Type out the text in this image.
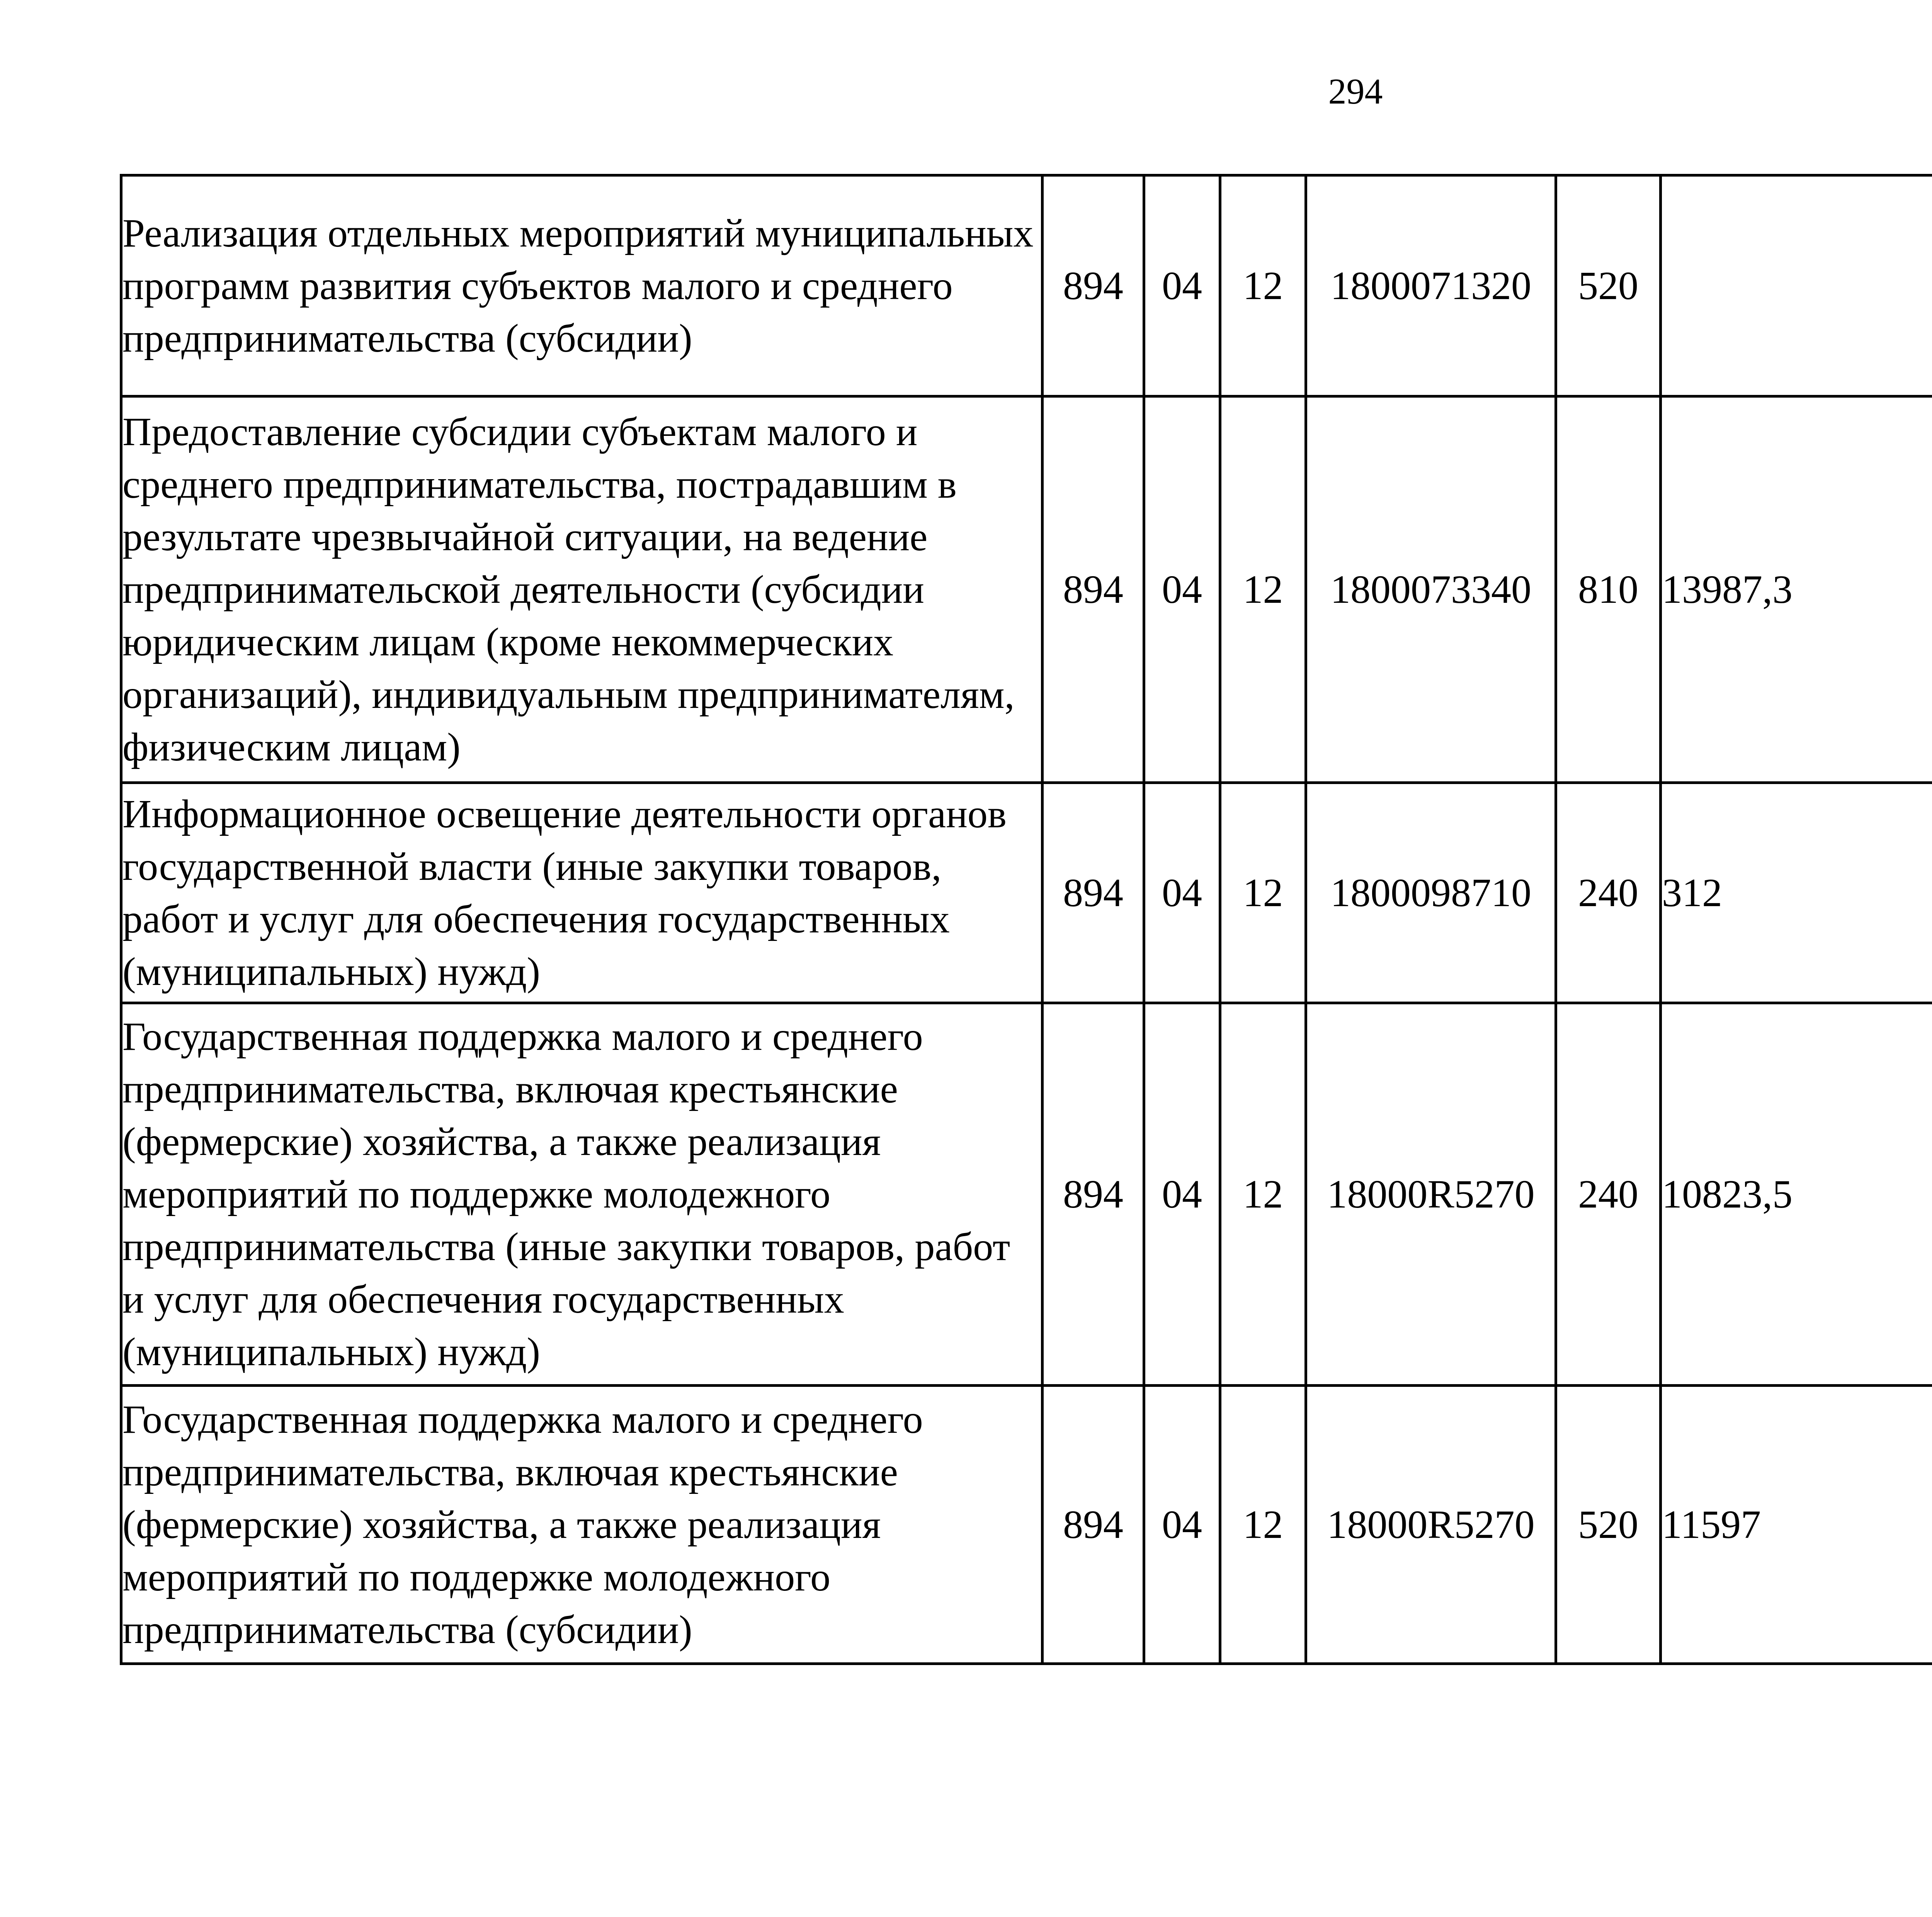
294
Реализация отдельных мероприятий муниципальных программ развития субъектов малого и среднего предпринимательства (субсидии)	894	04	12	1800071320	520			
Предоставление субсидии субъектам малого и среднего предпринимательства, пострадавшим в результате чрезвычайной ситуации, на ведение предпринимательской деятельности (субсидии юридическим лицам (кроме некоммерческих организаций), индивидуальным предпринимателям, физическим лицам)	894	04	12	1800073340	810	13987,3		
Информационное освещение деятельности органов государственной власти (иные закупки товаров, работ и услуг для обеспечения государственных (муниципальных) нужд)	894	04	12	1800098710	240	312		
Государственная поддержка малого и среднего предпринимательства, включая крестьянские (фермерские) хозяйства, а также реализация мероприятий по поддержке молодежного предпринимательства (иные закупки товаров, работ и услуг для обеспечения государственных (муниципальных) нужд)	894	04	12	18000R5270	240	10823,5		
Государственная поддержка малого и среднего предпринимательства, включая крестьянские (фермерские) хозяйства, а также реализация мероприятий по поддержке молодежного предпринимательства (субсидии)	894	04	12	18000R5270	520	11597		
